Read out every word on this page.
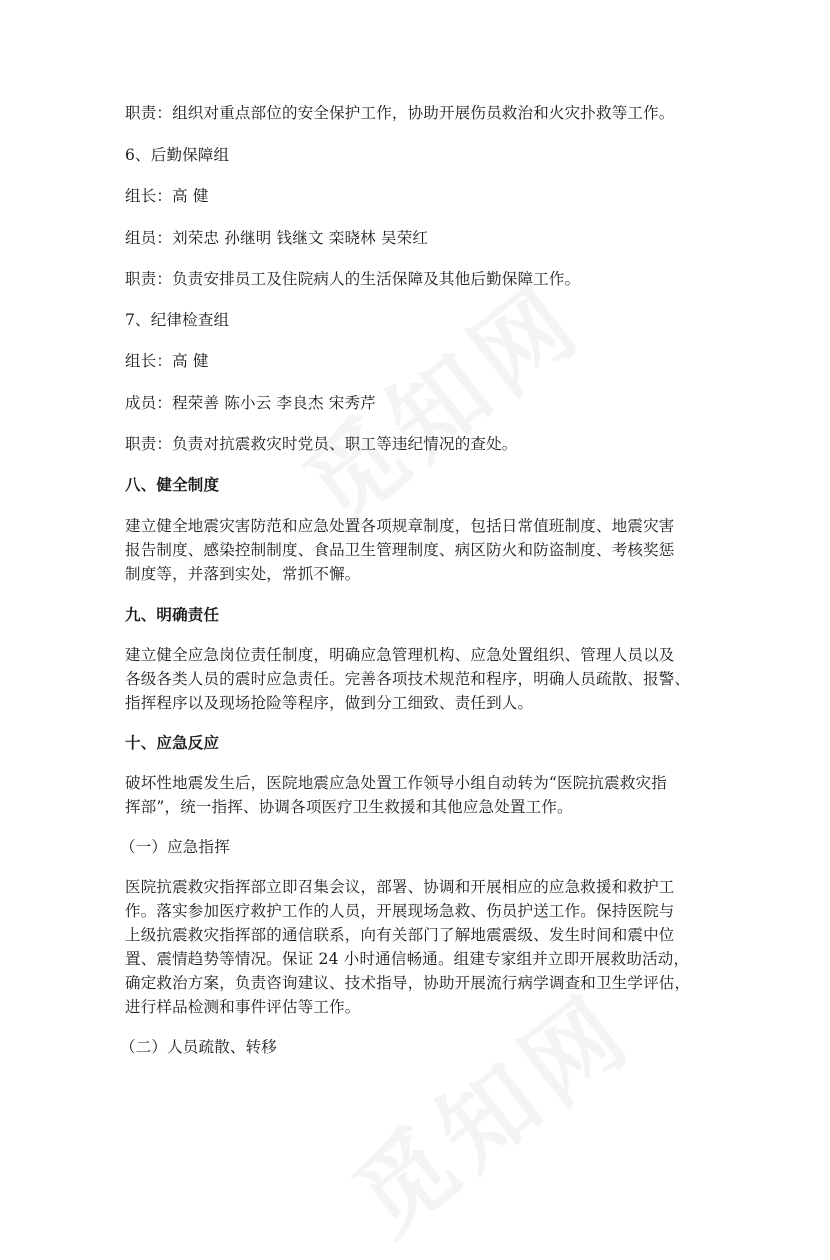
职责：组织对重点部位的安全保护工作，协助开展伤员救治和火灾扑救等工作。
6、后勤保障组
组长：高 健
组员：刘荣忠 孙继明 钱继文 栾晓林 吴荣红
职责：负责安排员工及住院病人的生活保障及其他后勤保障工作。
7、纪律检查组
组长：高 健
成员：程荣善 陈小云 李良杰 宋秀芹
职责：负责对抗震救灾时党员、职工等违纪情况的查处。
八、健全制度
建立健全地震灾害防范和应急处置各项规章制度，包括日常值班制度、地震灾害
报告制度、感染控制制度、食品卫生管理制度、病区防火和防盗制度、考核奖惩
制度等，并落到实处，常抓不懈。
九、明确责任
建立健全应急岗位责任制度，明确应急管理机构、应急处置组织、管理人员以及
各级各类人员的震时应急责任。完善各项技术规范和程序，明确人员疏散、报警、
指挥程序以及现场抢险等程序，做到分工细致、责任到人。
十、应急反应
破坏性地震发生后，医院地震应急处置工作领导小组自动转为“医院抗震救灾指
挥部”，统一指挥、协调各项医疗卫生救援和其他应急处置工作。
（一）应急指挥
医院抗震救灾指挥部立即召集会议，部署、协调和开展相应的应急救援和救护工
作。落实参加医疗救护工作的人员，开展现场急救、伤员护送工作。保持医院与
上级抗震救灾指挥部的通信联系，向有关部门了解地震震级、发生时间和震中位
置、震情趋势等情况。保证 24 小时通信畅通。组建专家组并立即开展救助活动，
确定救治方案，负责咨询建议、技术指导，协助开展流行病学调查和卫生学评估，
进行样品检测和事件评估等工作。
（二）人员疏散、转移
